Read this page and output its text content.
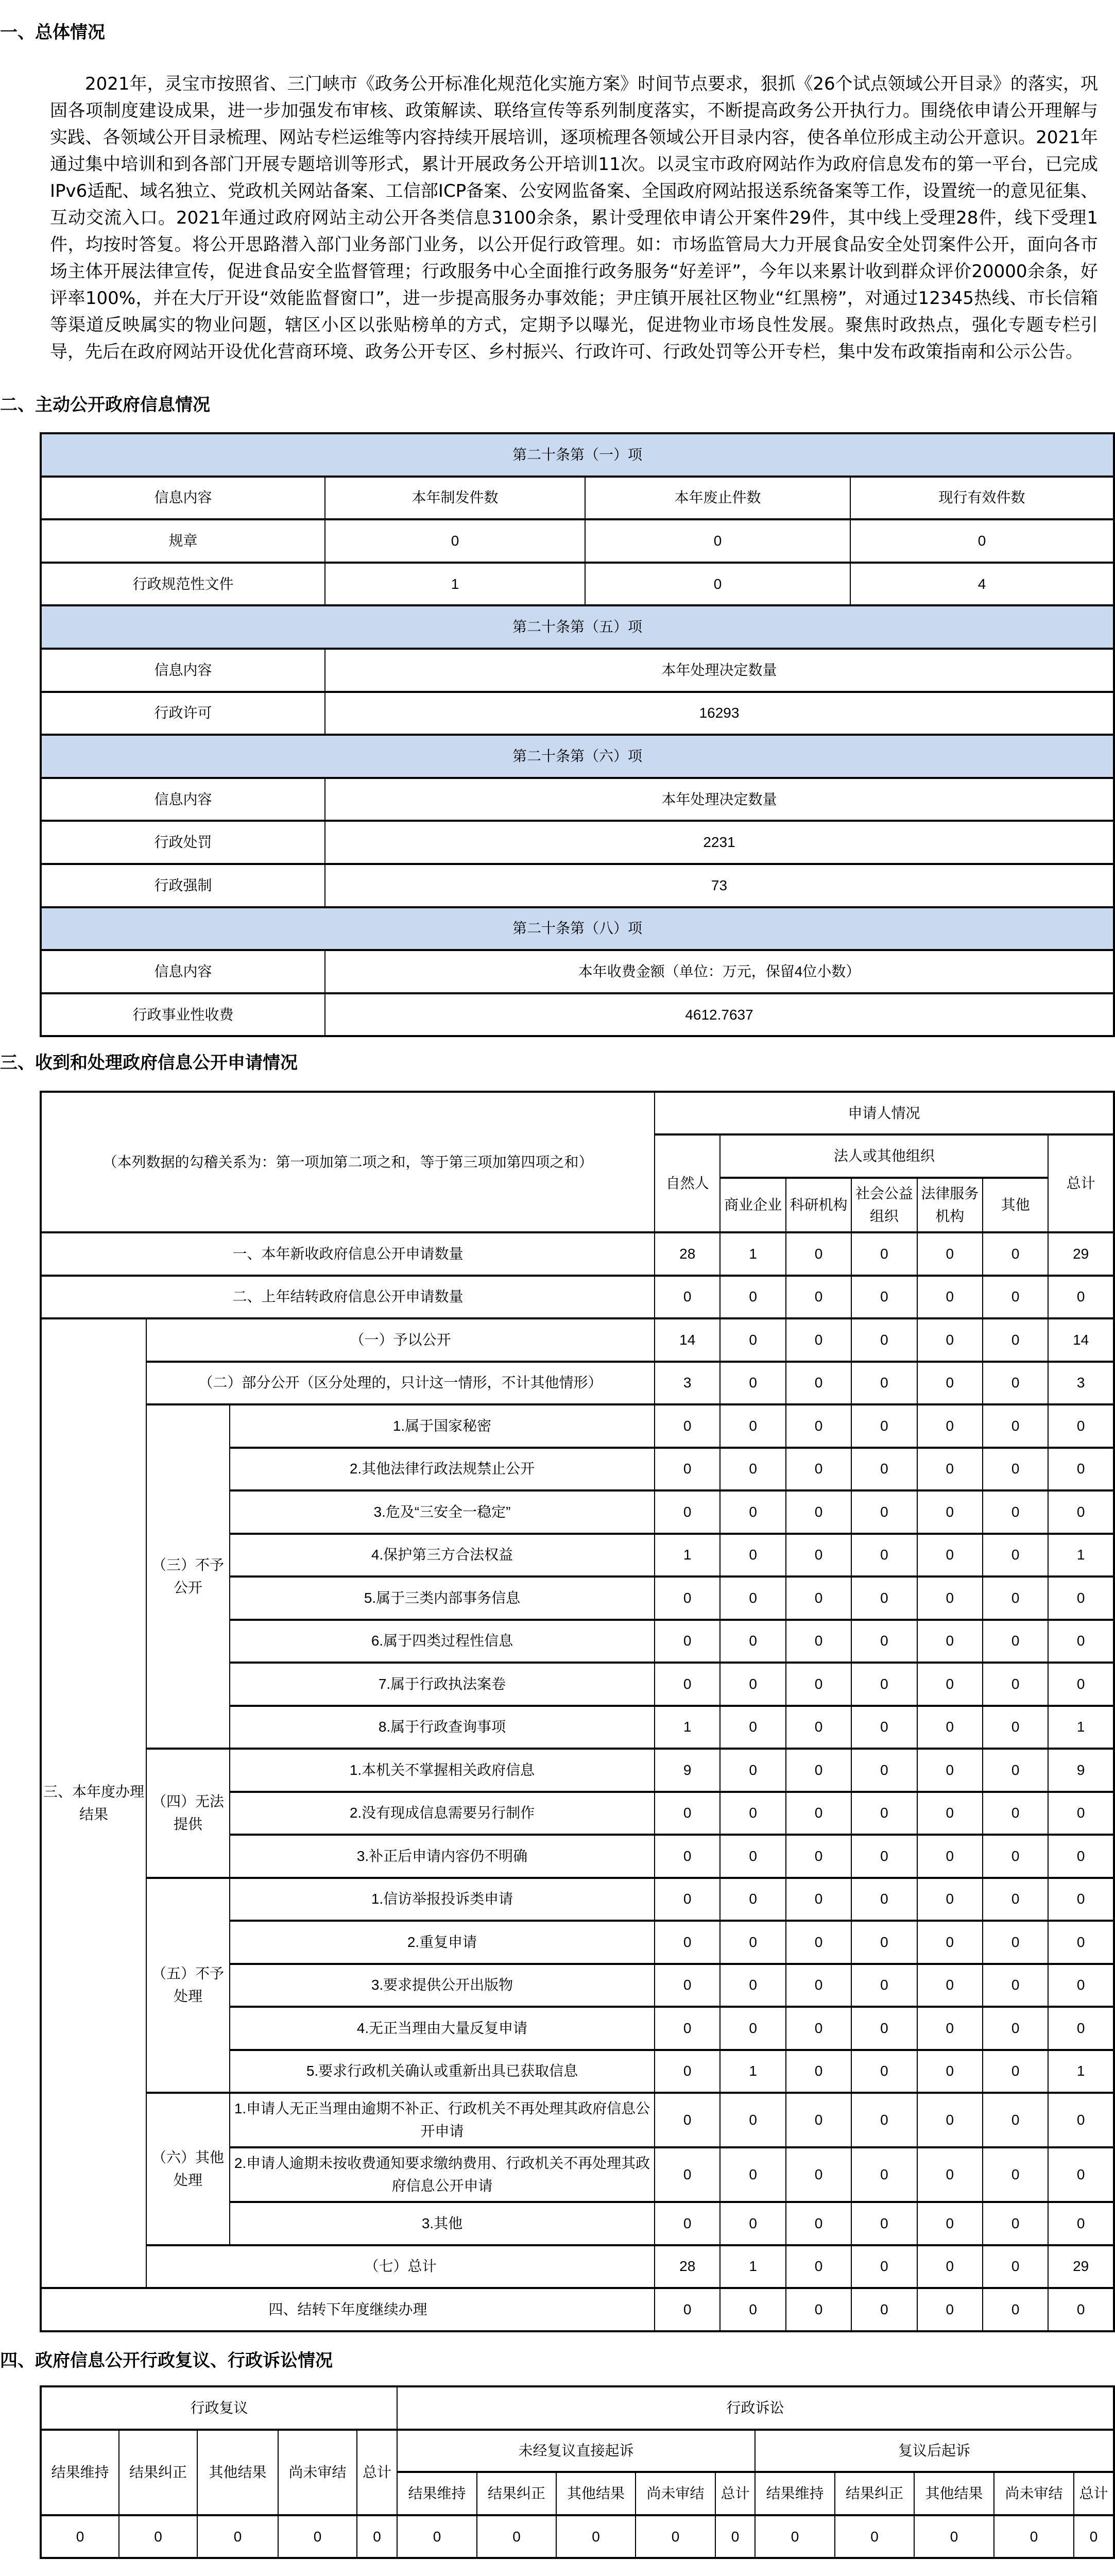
一、总体情况

2021年，灵宝市按照省、三门峡市《政务公开标准化规范化实施方案》时间节点要求，狠抓《26个试点领域公开目录》的落实，巩固各项制度建设成果，进一步加强发布审核、政策解读、联络宣传等系列制度落实，不断提高政务公开执行力。围绕依申请公开理解与实践、各领域公开目录梳理、网站专栏运维等内容持续开展培训，逐项梳理各领域公开目录内容，使各单位形成主动公开意识。2021年通过集中培训和到各部门开展专题培训等形式，累计开展政务公开培训11次。以灵宝市政府网站作为政府信息发布的第一平台，已完成IPv6适配、域名独立、党政机关网站备案、工信部ICP备案、公安网监备案、全国政府网站报送系统备案等工作，设置统一的意见征集、互动交流入口。2021年通过政府网站主动公开各类信息3100余条，累计受理依申请公开案件29件，其中线上受理28件，线下受理1件，均按时答复。将公开思路潜入部门业务部门业务，以公开促行政管理。如：市场监管局大力开展食品安全处罚案件公开，面向各市场主体开展法律宣传，促进食品安全监督管理；行政服务中心全面推行政务服务“好差评”，今年以来累计收到群众评价20000余条，好评率100%，并在大厅开设“效能监督窗口”，进一步提高服务办事效能；尹庄镇开展社区物业“红黑榜”，对通过12345热线、市长信箱等渠道反映属实的物业问题，辖区小区以张贴榜单的方式，定期予以曝光，促进物业市场良性发展。聚焦时政热点，强化专题专栏引导，先后在政府网站开设优化营商环境、政务公开专区、乡村振兴、行政许可、行政处罚等公开专栏，集中发布政策指南和公示公告。

二、主动公开政府信息情况
第二十条第（一）项			
信息内容	本年制发件数	本年废止件数	现行有效件数
规章	0	0	0
行政规范性文件	1	0	4
第二十条第（五）项			
信息内容	本年处理决定数量		
行政许可	16293		
第二十条第（六）项			
信息内容	本年处理决定数量		
行政处罚	2231		
行政强制	73		
第二十条第（八）项			
信息内容	本年收费金额（单位：万元，保留4位小数）		
行政事业性收费	4612.7637		
三、收到和处理政府信息公开申请情况
（本列数据的勾稽关系为：第一项加第二项之和，等于第三项加第四项之和）			申请人情况						
			自然人	法人或其他组织					总计
				商业企业	科研机构	社会公益组织	法律服务机构	其他	
一、本年新收政府信息公开申请数量			28	1	0	0	0	0	29
二、上年结转政府信息公开申请数量			0	0	0	0	0	0	0
三、本年度办理结果	（一）予以公开		14	0	0	0	0	0	14
	（二）部分公开（区分处理的，只计这一情形，不计其他情形）		3	0	0	0	0	0	3
	（三）不予公开	1.属于国家秘密	0	0	0	0	0	0	0
		2.其他法律行政法规禁止公开	0	0	0	0	0	0	0
		3.危及“三安全一稳定”	0	0	0	0	0	0	0
		4.保护第三方合法权益	1	0	0	0	0	0	1
		5.属于三类内部事务信息	0	0	0	0	0	0	0
		6.属于四类过程性信息	0	0	0	0	0	0	0
		7.属于行政执法案卷	0	0	0	0	0	0	0
		8.属于行政查询事项	1	0	0	0	0	0	1
	（四）无法提供	1.本机关不掌握相关政府信息	9	0	0	0	0	0	9
		2.没有现成信息需要另行制作	0	0	0	0	0	0	0
		3.补正后申请内容仍不明确	0	0	0	0	0	0	0
	（五）不予处理	1.信访举报投诉类申请	0	0	0	0	0	0	0
		2.重复申请	0	0	0	0	0	0	0
		3.要求提供公开出版物	0	0	0	0	0	0	0
		4.无正当理由大量反复申请	0	0	0	0	0	0	0
		5.要求行政机关确认或重新出具已获取信息	0	1	0	0	0	0	1
	（六）其他处理	1.申请人无正当理由逾期不补正、行政机关不再处理其政府信息公开申请	0	0	0	0	0	0	0
		2.申请人逾期未按收费通知要求缴纳费用、行政机关不再处理其政府信息公开申请	0	0	0	0	0	0	0
		3.其他	0	0	0	0	0	0	0
	（七）总计		28	1	0	0	0	0	29
四、结转下年度继续办理			0	0	0	0	0	0	0
四、政府信息公开行政复议、行政诉讼情况
行政复议					行政诉讼									
结果维持	结果纠正	其他结果	尚未审结	总计	未经复议直接起诉					复议后起诉				
					结果维持	结果纠正	其他结果	尚未审结	总计	结果维持	结果纠正	其他结果	尚未审结	总计
0	0	0	0	0	0	0	0	0	0	0	0	0	0	0
